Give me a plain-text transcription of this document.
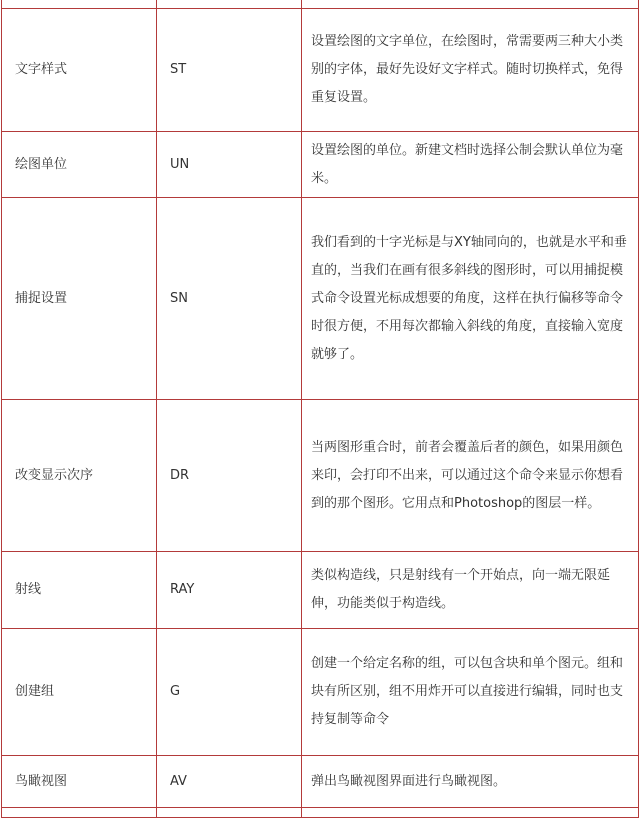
文字样式	ST	设置绘图的文字单位，在绘图时，常需要两三种大小类别的字体，最好先设好文字样式。随时切换样式，免得重复设置。

绘图单位	UN	设置绘图的单位。新建文档时选择公制会默认单位为毫米。

捕捉设置	SN	我们看到的十字光标是与XY轴同向的，也就是水平和垂直的，当我们在画有很多斜线的图形时，可以用捕捉模式命令设置光标成想要的角度，这样在执行偏移等命令时很方便，不用每次都输入斜线的角度，直接输入宽度就够了。

改变显示次序	DR	当两图形重合时，前者会覆盖后者的颜色，如果用颜色来印，会打印不出来，可以通过这个命令来显示你想看到的那个图形。它用点和Photoshop的图层一样。

射线	RAY	类似构造线，只是射线有一个开始点，向一端无限延伸，功能类似于构造线。

创建组	G	创建一个给定名称的组，可以包含块和单个图元。组和块有所区别，组不用炸开可以直接进行编辑，同时也支持复制等命令

鸟瞰视图	AV	弹出鸟瞰视图界面进行鸟瞰视图。
